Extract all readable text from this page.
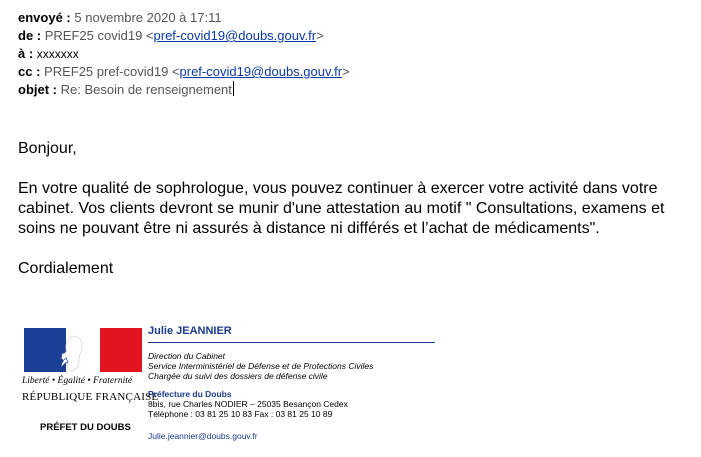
envoyé : 5 novembre 2020 à 17:11
de : PREF25 covid19 <pref-covid19@doubs.gouv.fr>
à : xxxxxxx
cc : PREF25 pref-covid19 <pref-covid19@doubs.gouv.fr>
objet : Re: Besoin de renseignement

Bonjour,

En votre qualité de sophrologue, vous pouvez continuer à exercer votre activité dans votre cabinet. Vos clients devront se munir d'une attestation au motif " Consultations, examens et soins ne pouvant être ni assurés à distance ni différés et l’achat de médicaments".

Cordialement

Liberté • Égalité • Fraternité
RÉPUBLIQUE FRANÇAISE
PRÉFET DU DOUBS
Julie JEANNIER
Direction du Cabinet
Service Interministériel de Défense et de Protections Civiles
Chargée du suivi des dossiers de défense civile
Préfecture du Doubs
8bis, rue Charles NODIER – 25035 Besançon Cedex
Téléphone : 03 81 25 10 83 Fax : 03 81 25 10 89
Julie.jeannier@doubs.gouv.fr
